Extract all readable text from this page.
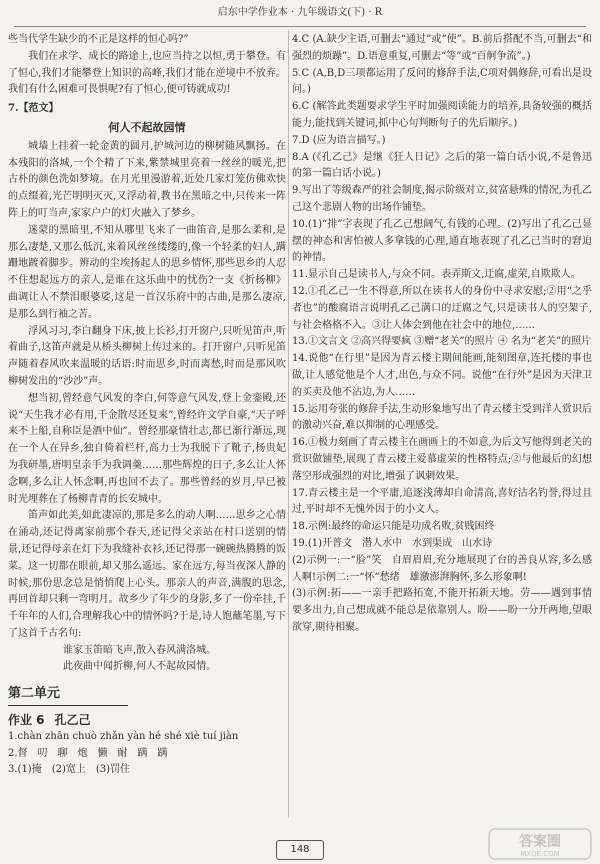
启东中学作业本 · 九年级语文(下) · R

些当代学生缺少的不正是这样的恒心吗?”

我们在求学、成长的路途上,也应当持之以恒,勇于攀登。有了恒心,我们才能攀登上知识的高峰,我们才能在逆境中不放弃。我们有什么困难可畏惧呢?有了恒心,便可铸就成功!

7.【范文】

何人不起故园情

城墙上挂着一轮金黄的圆月,护城河边的柳树随风飘扬。在本残阳的洛城,一个个精了下来,紫禁城里亮着一丝丝的暖光,把古朴的颜色洗如梦境。在月光里漫游着,近处几家灯笼仿佛欢快的点缀着,光芒明明灭灭,又浮动着,教书在黑暗之中,只传来一阵阵上的叮当声,家家户户的灯火融入了梦乡。

迷蒙的黑暗里,不知从哪里飞来了一曲笛音,是那么柔和,是那么凄楚,又那么低沉,来着风丝丝缕缕的,像一个轻柔的妇人,蹒跚地踱着脚步。辨动的尘埃扬起人的思乡情怀,那些思乡的人忍不住想起远方的亲人,是谁在这乐曲中的忧伤?一支《折杨柳》曲调让人不禁泪眼婆娑,这是一首汉乐府中的古曲,是那么凄凉,是那么到行袖之苦。

浮风习习,李白翻身下床,披上长衫,打开窗户,只听见笛声,听着曲子,这笛声就是从桥头柳树上传过来的。打开窗户,只听见笛声随着春风吹来温暖的话语:时而思乡,时而离愁,时而是那风吹柳树发出的“沙沙”声。

想当初,曾经意气风发的李白,何等意气风发,登上金銮殿,还说“天生我才必有用,千金散尽还复来”,曾经许文学自豪,“天子呼来不上船,自称臣是酒中仙”。曾经那豪情壮志,都已渐行渐远,现在一个人在异乡,独自倚着栏杆,高力士为我脱下了靴子,杨贵妃为我研墨,唐明皇亲手为我调羹……那些辉煌的日子,多么让人怀念啊,多么让人怀念啊,再也回不去了。那些曾经的岁月,早已被时光埋葬在了杨柳青青的长安城中。

笛声如此美,如此凄凉的,那是多么的动人啊……思乡之心情在涌动,还记得离家前那个春天,还记得父亲站在村口送别的情景,还记得母亲在灯下为我缝补衣衫,还记得那一碗碗热腾腾的饭菜。这一切都在眼前,却又那么遥远。家在远方,每当夜深人静的时候,那份思念总是悄悄爬上心头。那亲人的声音,满腹的思念,再回首却只剩一弯明月。故乡少了年少的身影,多了一份牵挂,千千年年的人们,合理解我心中的情怀吗?于是,诗人饱蘸笔墨,写下了这首千古名句:

谁家玉笛暗飞声,散入春风满洛城。

此夜曲中闻折柳,何人不起故园情。

第二单元
作业 6 孔乙己

1.chàn zhān chuò zhǎn yàn hé shé xiè tuí jiàn

2.督　叨　聊　炮　懒　耐　蹒　蹒

3.(1)掩　(2)宽上　(3)罚住

4.C (A.缺少主语,可删去“通过”或“使”。B.前后搭配不当,可删去“和强烈的烦躁”。D.语意重复,可删去“等”或“百舸争流”。)

5.C (A,B,D三项都运用了反问的修辞手法,C项对偶修辞,可看出是设问。)

6.C (解答此类题要求学生平时加强阅读能力的培养,具备较强的概括能力,能找到关键词,抓中心句判断句子的先后顺序。)

7.D (应为语言描写。)

8.A (《孔乙己》是继《狂人日记》之后的第一篇白话小说,不是鲁迅的第一篇白话小说。)

9.写出了等级森严的社会制度,揭示阶级对立,贫富悬殊的情况,为孔乙己这个悲剧人物的出场作铺垫。

10.(1)“排”字表现了孔乙己想阔气,有钱的心理。(2)写出了孔乙己显摆的神态和害怕被人多拿钱的心理,通直地表现了孔乙己当时的窘迫的神情。

11.显示自己是读书人,与众不同。表弄斯文,迂腐,虚荣,自欺欺人。

12.①孔乙己一生不得意,所以在读书人的身份中寻求安慰;②用“之乎者也”的酸腐语言说明孔乙己满口的迂腐之气,只是读书人的空架子,与社会格格不入。③让人体会到他在社会中的地位,……

13.①文言文 ②高兴得要疯 ③赠“老关”的照片 ④ 名为“老关”的照片

14.说他“在行里”是因为青云楼主期间能画,能刻图章,连托楼的事也做,让人感觉他是个人才,出色,与众不同。说他“在行外”是因为天津卫的买卖及他不沾边,为人……

15.运用夸张的修辞手法,生动形象地写出了青云楼主受到洋人赏识后的激动兴奋,难以抑制的心理感受。

16.①极力刻画了青云楼主在画画上的不如意,为后文写他得到老关的赏识做铺垫,展现了青云楼主爱慕虚荣的性格特点;②与他最后的幻想落空形成强烈的对比,增强了讽刺效果。

17.青云楼主是一个平庸,追逐浅薄却自命清高,喜好沽名钓誉,得过且过,平时却不无愧外因于的小文人。

18.示例:最终的命运只能是功成名败,贫贱困终

19.(1)开普文　潜人水中　水到渠成　山水诗

(2)示例一:一“脸”笑　自眉眉眉,充分地展现了台的善良从容,多么感人啊!示例二:一“怀”愁绪　雄激澎湃胸怀,多么形象啊!

(3)示例:拓——一亲手把路拓宽,不能开拓新天地。劳——遇到事情要多出力,自己想成就不能总是依靠别人。盼——盼一分开两地,望眼欲穿,期待相聚。

148	答案圈
MXQE.COM
